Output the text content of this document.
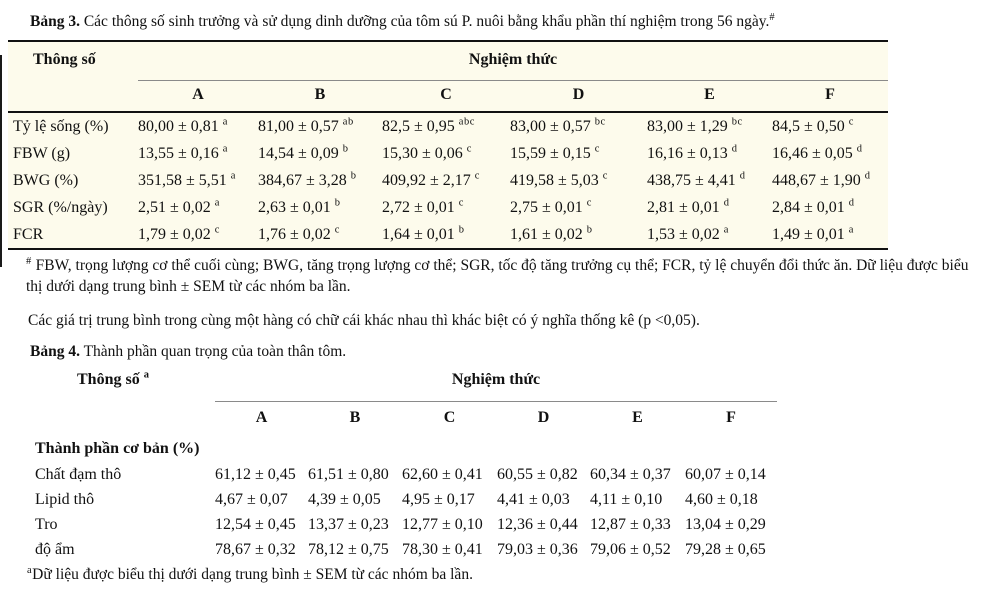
Bảng 3. Các thông số sinh trưởng và sử dụng dinh dưỡng của tôm sú P. nuôi bằng khẩu phần thí nghiệm trong 56 ngày.#

Thông số	Nghiệm thức					
	A	B	C	D	E	F
Tỷ lệ sống (%)	80,00 ± 0,81 $^a$	81,00 ± 0,57 $^{ab}$	82,5 ± 0,95 $^{abc}$	83,00 ± 0,57 $^{bc}$	83,00 ± 1,29 $^{bc}$	84,5 ± 0,50 $^c$
FBW (g)	13,55 ± 0,16 $^a$	14,54 ± 0,09 $^b$	15,30 ± 0,06 $^c$	15,59 ± 0,15 $^c$	16,16 ± 0,13 $^d$	16,46 ± 0,05 $^d$
BWG (%)	351,58 ± 5,51 $^a$	384,67 ± 3,28 $^b$	409,92 ± 2,17 $^c$	419,58 ± 5,03 $^c$	438,75 ± 4,41 $^d$	448,67 ± 1,90 $^d$
SGR (%/ngày)	2,51 ± 0,02 $^a$	2,63 ± 0,01 $^b$	2,72 ± 0,01 $^c$	2,75 ± 0,01 $^c$	2,81 ± 0,01 $^d$	2,84 ± 0,01 $^d$
FCR	1,79 ± 0,02 $^c$	1,76 ± 0,02 $^c$	1,64 ± 0,01 $^b$	1,61 ± 0,02 $^b$	1,53 ± 0,02 $^a$	1,49 ± 0,01 $^a$

# FBW, trọng lượng cơ thể cuối cùng; BWG, tăng trọng lượng cơ thể; SGR, tốc độ tăng trưởng cụ thể; FCR, tỷ lệ chuyển đổi thức ăn. Dữ liệu được biểu thị dưới dạng trung bình ± SEM từ các nhóm ba lần.

Các giá trị trung bình trong cùng một hàng có chữ cái khác nhau thì khác biệt có ý nghĩa thống kê (p <0,05).

Bảng 4. Thành phần quan trọng của toàn thân tôm.

Thông số $^a$	Nghiệm thức					
	A	B	C	D	E	F
Thành phần cơ bản (%)						
Chất đạm thô	61,12 ± 0,45	61,51 ± 0,80	62,60 ± 0,41	60,55 ± 0,82	60,34 ± 0,37	60,07 ± 0,14
Lipid thô	4,67 ± 0,07	4,39 ± 0,05	4,95 ± 0,17	4,41 ± 0,03	4,11 ± 0,10	4,60 ± 0,18
Tro	12,54 ± 0,45	13,37 ± 0,23	12,77 ± 0,10	12,36 ± 0,44	12,87 ± 0,33	13,04 ± 0,29
độ ẩm	78,67 ± 0,32	78,12 ± 0,75	78,30 ± 0,41	79,03 ± 0,36	79,06 ± 0,52	79,28 ± 0,65

$^a$Dữ liệu được biểu thị dưới dạng trung bình ± SEM từ các nhóm ba lần.
